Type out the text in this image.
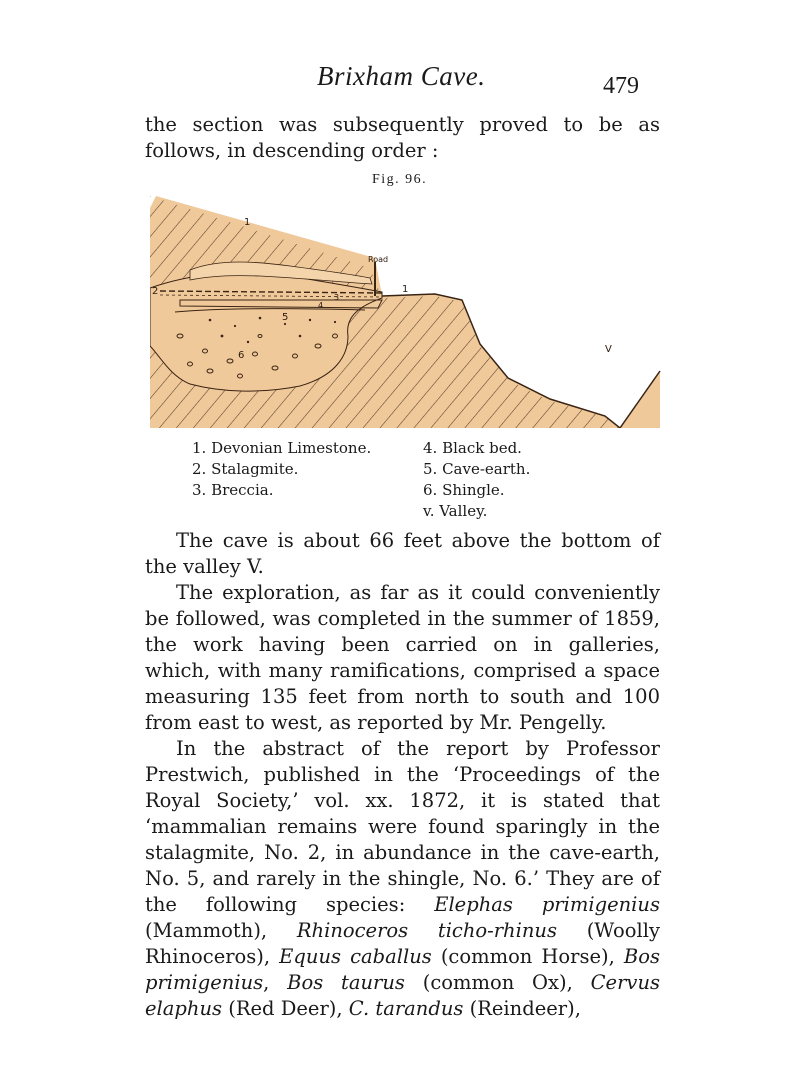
Brixham Cave.	479

the section was subsequently proved to be as follows, in descending order :

Fig. 96.
1
Road
1
2
3
4
5
6
V
1. Devonian Limestone.
2. Stalagmite.
3. Breccia.
4. Black bed.
5. Cave-earth.
6. Shingle.
v. Valley.

The cave is about 66 feet above the bottom of the valley V.

The exploration, as far as it could conveniently be followed, was completed in the summer of 1859, the work having been carried on in galleries, which, with many ramifications, comprised a space measuring 135 feet from north to south and 100 from east to west, as reported by Mr. Pengelly.

In the abstract of the report by Professor Prestwich, published in the ‘Proceedings of the Royal Society,’ vol. xx. 1872, it is stated that ‘mammalian remains were found sparingly in the stalagmite, No. 2, in abundance in the cave-earth, No. 5, and rarely in the shingle, No. 6.’ They are of the following species: Elephas primigenius (Mammoth), Rhinoceros ticho-rhinus (Woolly Rhinoceros), Equus caballus (common Horse), Bos primigenius, Bos taurus (common Ox), Cervus elaphus (Red Deer), C. tarandus (Reindeer),
